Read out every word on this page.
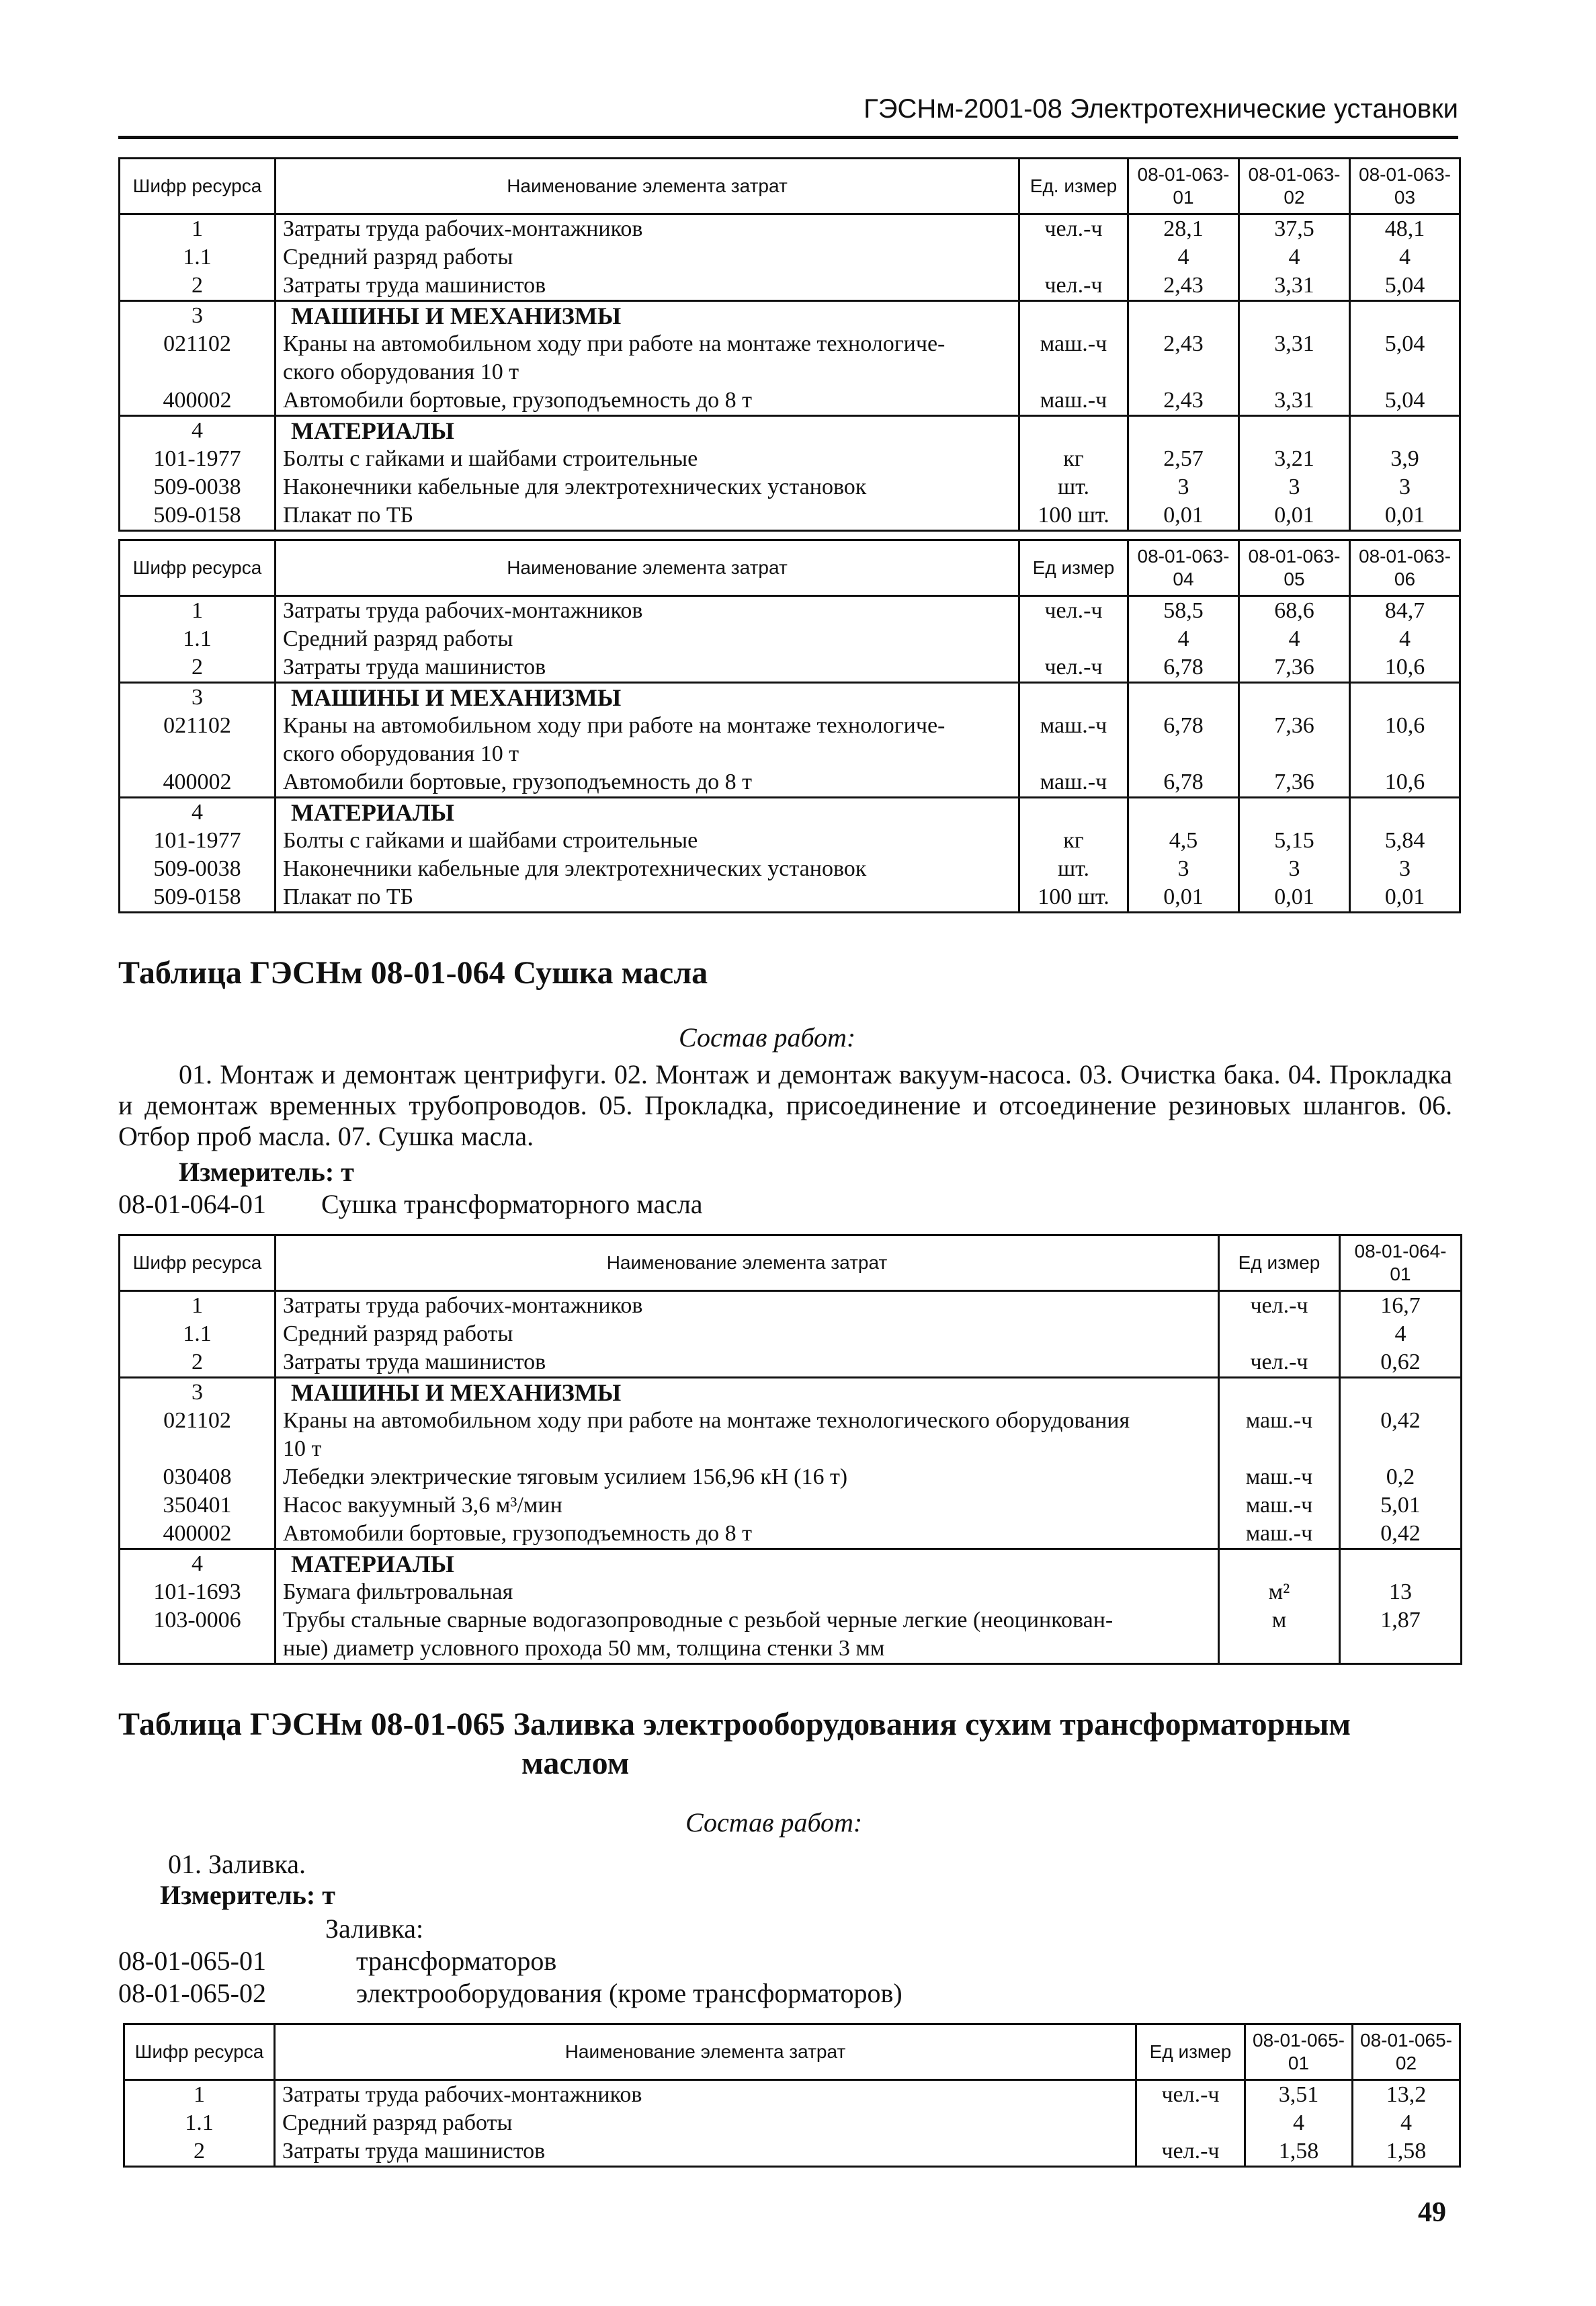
ГЭСНм-2001-08 Электротехнические установки
Шифр ресурса	Наименование элемента затрат	Ед. измер	08-01-063-01	08-01-063-02	08-01-063-03
1	Затраты труда рабочих-монтажников	чел.-ч	28,1	37,5	48,1
1.1	Средний разряд работы		4	4	4
2	Затраты труда машинистов	чел.-ч	2,43	3,31	5,04
3	МАШИНЫ И МЕХАНИЗМЫ				
021102	Краны на автомобильном ходу при работе на монтаже технологиче-	маш.-ч	2,43	3,31	5,04
	ского оборудования 10 т				
400002	Автомобили бортовые, грузоподъемность до 8 т	маш.-ч	2,43	3,31	5,04
4	МАТЕРИАЛЫ				
101-1977	Болты с гайками и шайбами строительные	кг	2,57	3,21	3,9
509-0038	Наконечники кабельные для электротехнических установок	шт.	3	3	3
509-0158	Плакат по ТБ	100 шт.	0,01	0,01	0,01
Шифр ресурса	Наименование элемента затрат	Ед измер	08-01-063-04	08-01-063-05	08-01-063-06
1	Затраты труда рабочих-монтажников	чел.-ч	58,5	68,6	84,7
1.1	Средний разряд работы		4	4	4
2	Затраты труда машинистов	чел.-ч	6,78	7,36	10,6
3	МАШИНЫ И МЕХАНИЗМЫ				
021102	Краны на автомобильном ходу при работе на монтаже технологиче-	маш.-ч	6,78	7,36	10,6
	ского оборудования 10 т				
400002	Автомобили бортовые, грузоподъемность до 8 т	маш.-ч	6,78	7,36	10,6
4	МАТЕРИАЛЫ				
101-1977	Болты с гайками и шайбами строительные	кг	4,5	5,15	5,84
509-0038	Наконечники кабельные для электротехнических установок	шт.	3	3	3
509-0158	Плакат по ТБ	100 шт.	0,01	0,01	0,01
Таблица ГЭСНм 08-01-064 Сушка масла
Состав работ:
01. Монтаж и демонтаж центрифуги. 02. Монтаж и демонтаж вакуум-насоса. 03. Очистка бака. 04. Прокладка и демонтаж временных трубопроводов. 05. Прокладка, присоединение и отсоединение резиновых шлангов. 06. Отбор проб масла. 07. Сушка масла.
Измеритель: т
08-01-064-01 Сушка трансформаторного масла
Шифр ресурса	Наименование элемента затрат	Ед измер	08-01-064-01
1	Затраты труда рабочих-монтажников	чел.-ч	16,7
1.1	Средний разряд работы		4
2	Затраты труда машинистов	чел.-ч	0,62
3	МАШИНЫ И МЕХАНИЗМЫ		
021102	Краны на автомобильном ходу при работе на монтаже технологического оборудования	маш.-ч	0,42
	10 т		
030408	Лебедки электрические тяговым усилием 156,96 кН (16 т)	маш.-ч	0,2
350401	Насос вакуумный 3,6 м³/мин	маш.-ч	5,01
400002	Автомобили бортовые, грузоподъемность до 8 т	маш.-ч	0,42
4	МАТЕРИАЛЫ		
101-1693	Бумага фильтровальная	м²	13
103-0006	Трубы стальные сварные водогазопроводные с резьбой черные легкие (неоцинкован-	м	1,87
	ные) диаметр условного прохода 50 мм, толщина стенки 3 мм		
Таблица ГЭСНм 08-01-065 Заливка электрооборудования сухим трансформаторным
маслом
Состав работ:
01. Заливка.
Измеритель: т
Заливка:
08-01-065-01	трансформаторов
08-01-065-02	электрооборудования (кроме трансформаторов)
Шифр ресурса	Наименование элемента затрат	Ед измер	08-01-065-01	08-01-065-02
1	Затраты труда рабочих-монтажников	чел.-ч	3,51	13,2
1.1	Средний разряд работы		4	4
2	Затраты труда машинистов	чел.-ч	1,58	1,58
49
